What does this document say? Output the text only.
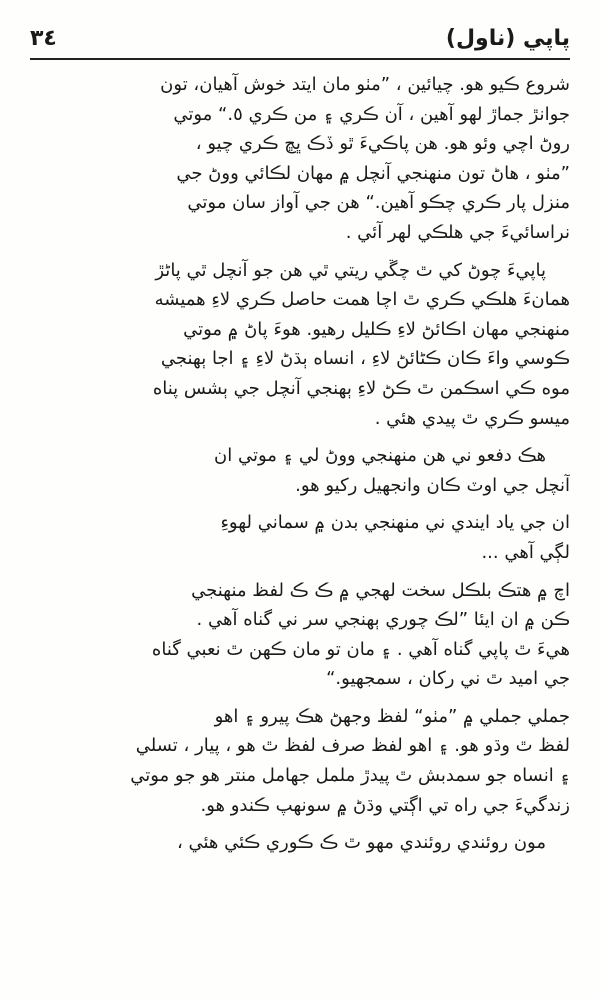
٣٤	پاپي (ناول)
شروع ڪيو هو. چيائين ، ”مٺو مان ايتد خوش آهيان، تون
جوانڙ جماڙ لهو آهين ، آن ڪري ۽ من ڪري ٥.“ موتي
روڻ اچي وئو هو. هن پاڪيءَ ٿو ڏڪ ڀڇ ڪري چيو ،
”مٺو ، هاڻ تون منهنجي آنچل ۾ مهان لڪائي ووڻ جي
منزل پار ڪري چڪو آهين.“ هن جي آواز سان موتي
نراسائيءَ جي هلڪي لهر آئي .
پاپيءَ چوڻ کي ٿ چڱي ريتي ٿي هن جو آنچل ٿي پاڻڙ
همانءَ هلڪي ڪري ٿ اچا همت حاصل ڪري لاءِ هميشه
منهنجي مهان اڪائڻ لاءِ ڪليل رهيو. هوءَ پاڻ ۾ موتي
ڪوسي واءَ ڪان ڪڻائڻ لاءِ ، انساه ٻڌڻ لاءِ ۽ اجا ٻهنجي
موه ڪي اسڪمن ٿ ڪڻ لاءِ ٻهنجي آنچل جي ٻشس پناه
ميسو ڪري ٿ پيدي هئي .
هڪ دفعو ني هن منهنجي ووڻ لي ۽ موتي ان
آنچل جي اوٽ ڪان وانجهيل رکيو هو.
ان جي ياد ايندي ني منهنجي بدن ۾ سماني لهوءِ
لڳي آهي ...
اچ ۾ هتڪ بلڪل سخت لهجي ۾ ڪ ڪ لفظ منهنجي
ڪن ۾ ان ايئا ”لڪ چوري ٻهنجي سر ني گناه آهي .
هيءَ ٿ پاپي گناه آهي . ۽ مان تو مان ڪهن ٿ نعبي گناه
جي اميد ٿ ني رکان ، سمجهيو.“
جملي جملي ۾ ”مٺو“ لفظ وجهڻ هڪ پيرو ۽ اهو
لفظ ٿ وڌو هو. ۽ اهو لفظ صرف لفظ ٿ هو ، پيار ، تسلي
۽ انساه جو سمدبش ٿ پيدڙ ململ جهامل منتر هو جو موتي
زندگيءَ جي راه تي اڳتي وڌڻ ۾ سونهپ ڪندو هو.
مون روئندي روئندي مهو ٿ ڪ ڪوري ڪئي هئي ،
